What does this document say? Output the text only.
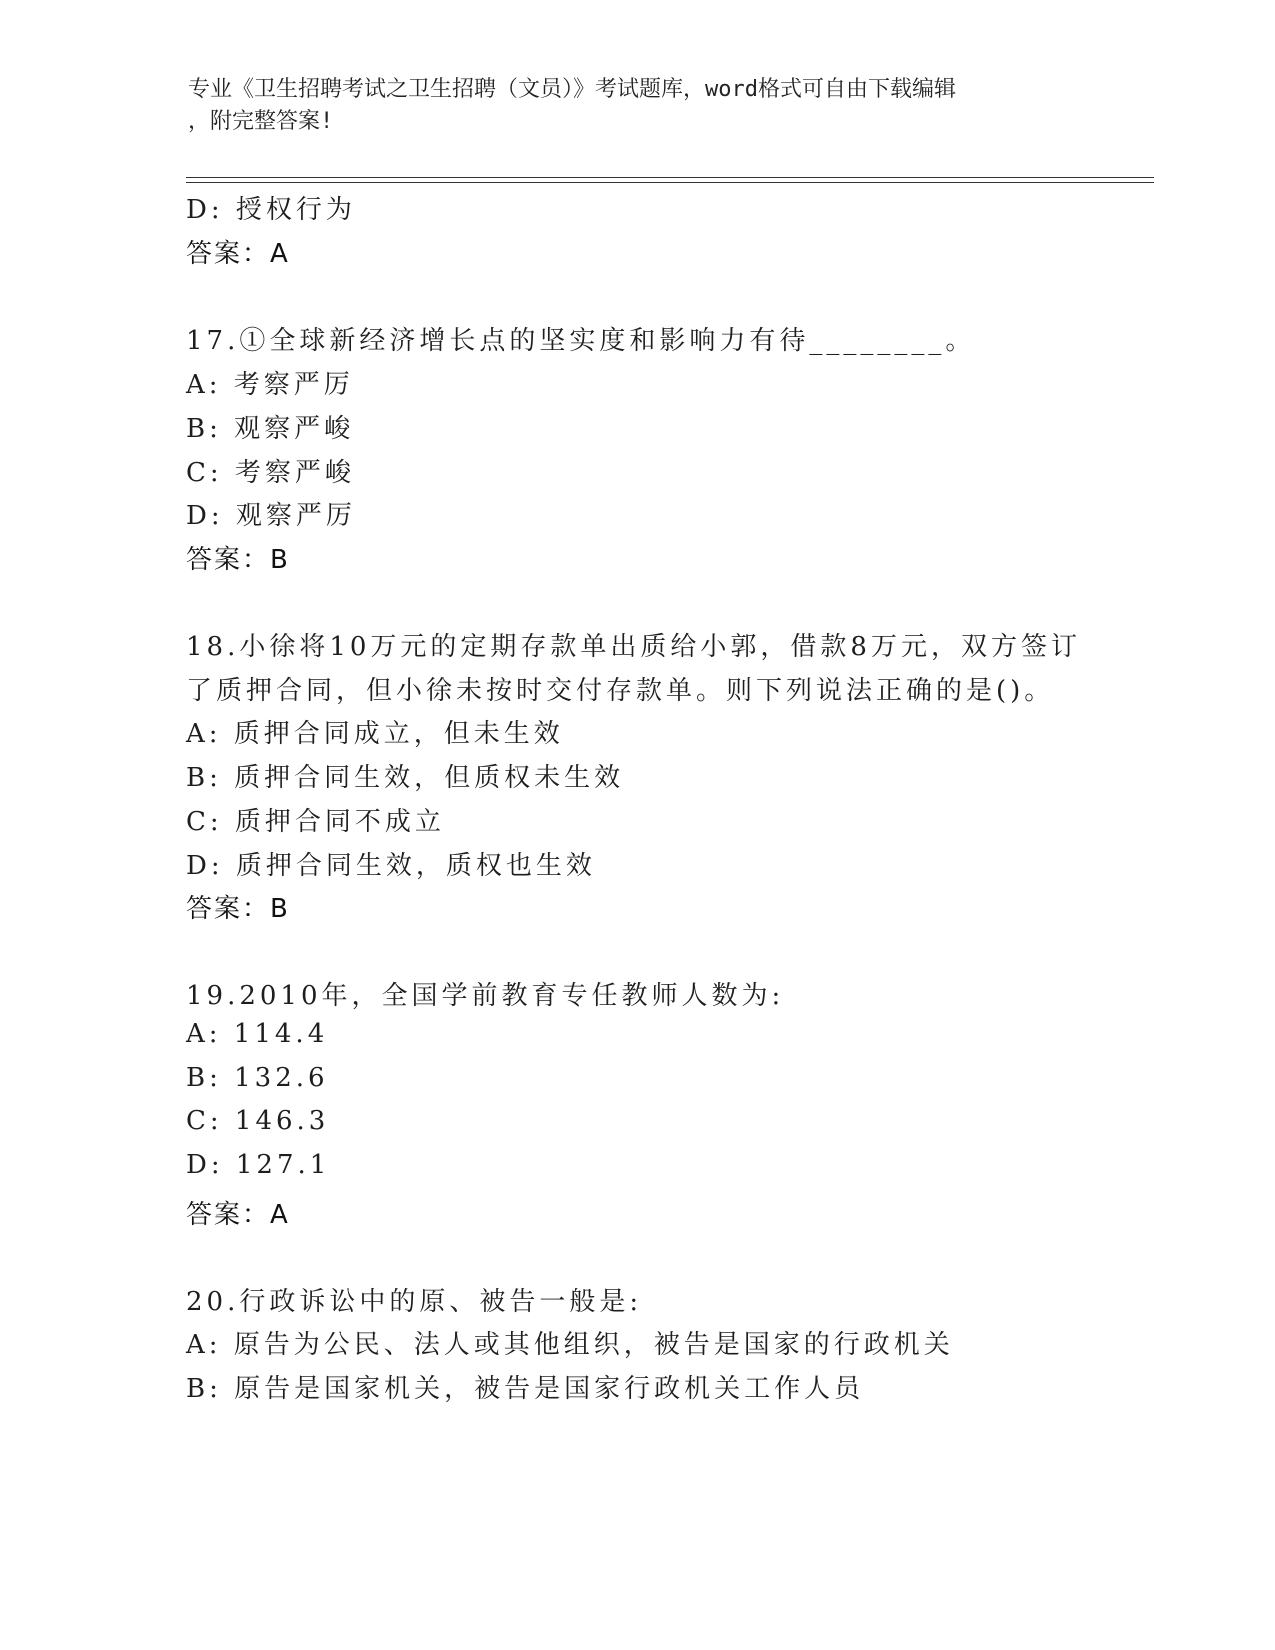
专业《卫生招聘考试之卫生招聘（文员）》考试题库，word格式可自由下载编辑
，附完整答案!
D: 授权行为
答案：A
17.①全球新经济增长点的坚实度和影响力有待________。
A: 考察严厉
B: 观察严峻
C: 考察严峻
D: 观察严厉
答案：B
18.小徐将10万元的定期存款单出质给小郭，借款8万元，双方签订
了质押合同，但小徐未按时交付存款单。则下列说法正确的是()。
A: 质押合同成立，但未生效
B: 质押合同生效，但质权未生效
C: 质押合同不成立
D: 质押合同生效，质权也生效
答案：B
19.2010年，全国学前教育专任教师人数为:
A: 114.4
B: 132.6
C: 146.3
D: 127.1
答案：A
20.行政诉讼中的原、被告一般是:
A: 原告为公民、法人或其他组织，被告是国家的行政机关
B: 原告是国家机关，被告是国家行政机关工作人员
